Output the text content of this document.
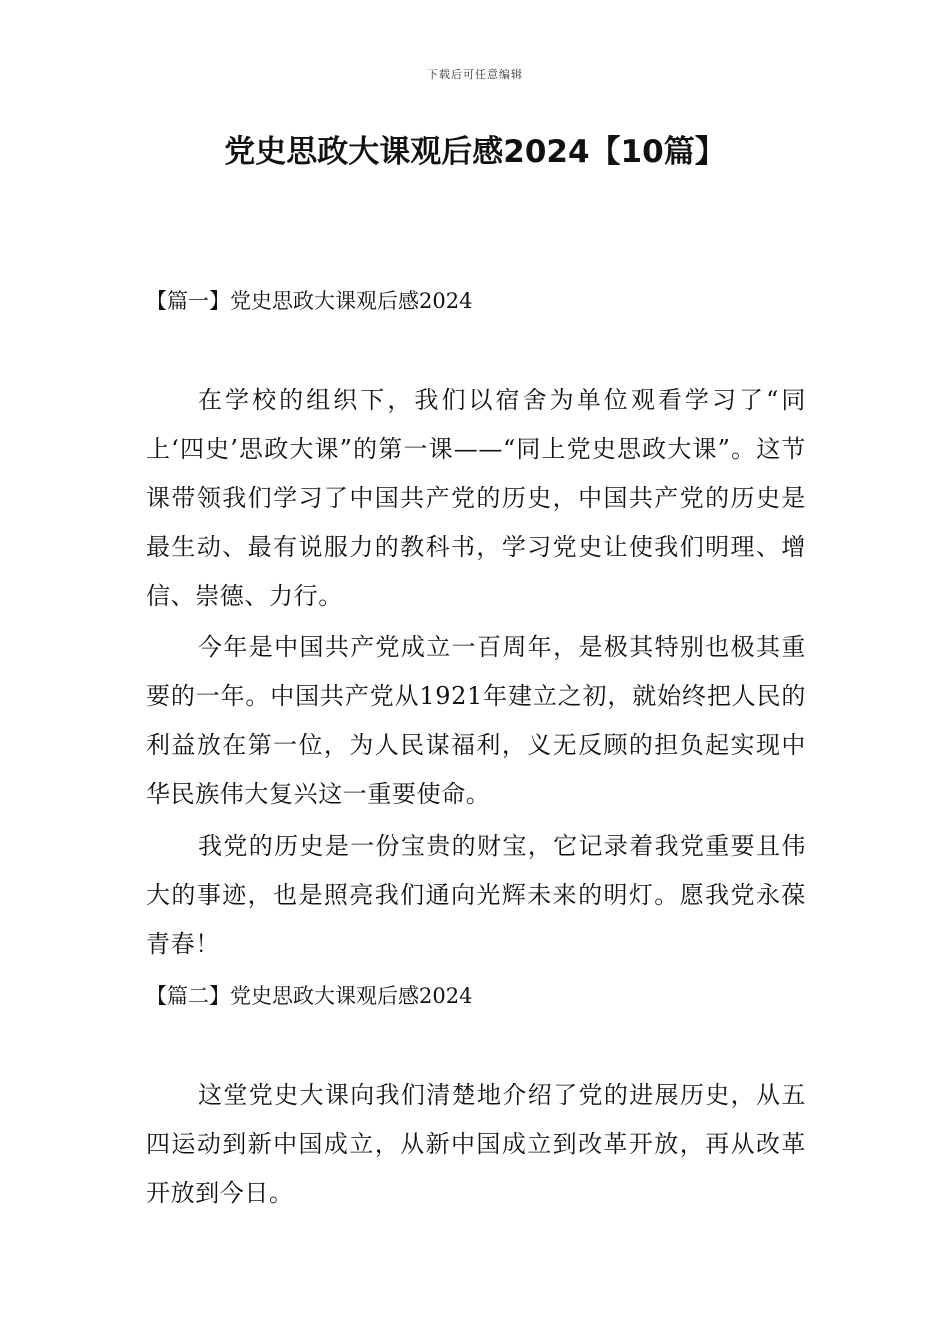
下载后可任意编辑
党史思政大课观后感2024【10篇】
【篇一】党史思政大课观后感2024
在学校的组织下，我们以宿舍为单位观看学习了“同上‘四史’思政大课”的第一课——“同上党史思政大课”。这节课带领我们学习了中国共产党的历史，中国共产党的历史是最生动、最有说服力的教科书，学习党史让使我们明理、增信、崇德、力行。
今年是中国共产党成立一百周年，是极其特别也极其重要的一年。中国共产党从1921年建立之初，就始终把人民的利益放在第一位，为人民谋福利，义无反顾的担负起实现中华民族伟大复兴这一重要使命。
我党的历史是一份宝贵的财宝，它记录着我党重要且伟大的事迹，也是照亮我们通向光辉未来的明灯。愿我党永葆青春！
【篇二】党史思政大课观后感2024
这堂党史大课向我们清楚地介绍了党的进展历史，从五四运动到新中国成立，从新中国成立到改革开放，再从改革开放到今日。
